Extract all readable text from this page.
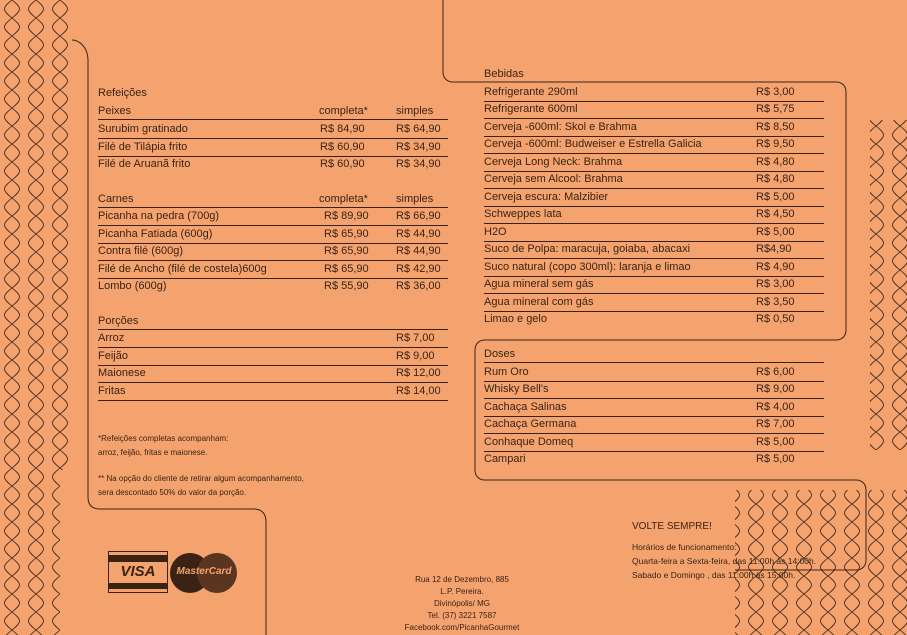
Refeições
Peixes	completa*	simples
Surubim gratinado	R$ 84,90	R$ 64,90
Filé de Tilápia frito	R$ 60,90	R$ 34,90
Filé de Aruanã frito	R$ 60,90	R$ 34,90
Carnes	completa*	simples
Picanha na pedra (700g)	R$ 89,90 R$ 66,90
Picanha Fatiada (600g)	R$ 65,90 R$ 44,90
Contra filé (600g)	R$ 65,90 R$ 44,90
Filé de Ancho (filé de costela)600g	R$ 65,90 R$ 42,90
Lombo (600g)	R$ 55,90 R$ 36,00
Porções
Arroz	R$ 7,00
Feijão	R$ 9,00
Maionese	R$ 12,00
Fritas	R$ 14,00
*Refeições completas acompanham:
arroz, feijão, fritas e maionese.
** Na opção do cliente de retirar algum acompanhamento,
sera descontado 50% do valor da porção.
Bebidas
Refrigerante 290ml	R$ 3,00
Refrigerante 600ml	R$ 5,75
Cerveja -600ml: Skol e Brahma	R$ 8,50
Cerveja -600ml: Budweiser e Estrella Galicia	R$ 9,50
Cerveja Long Neck: Brahma	R$ 4,80
Cerveja sem Alcool: Brahma	R$ 4,80
Cerveja escura: Malzibier	R$ 5,00
Schweppes lata	R$ 4,50
H2O	R$ 5,00
Suco de Polpa: maracuja, goiaba, abacaxi	R$4,90
Suco natural (copo 300ml): laranja e limao	R$ 4,90
Agua mineral sem gás	R$ 3,00
Agua mineral com gás	R$ 3,50
Limao e gelo	R$ 0,50
Doses
Rum Oro	R$ 6,00
Whisky Bell's	R$ 9,00
Cachaça Salinas	R$ 4,00
Cachaça Germana	R$ 7,00
Conhaque Domeq	R$ 5,00
Campari	R$ 5,00
VISA	MasterCard
Rua 12 de Dezembro, 885
L.P. Pereira.
Divinópolis/ MG
Tel. (37) 3221 7587
Facebook.com/PicanhaGourmet
VOLTE SEMPRE!
Horários de funcionamento:
Quarta-feira a Sexta-feira, das 11:00h às 14:00h.
Sabado e Domingo , das 11:00h às 15:00h.
